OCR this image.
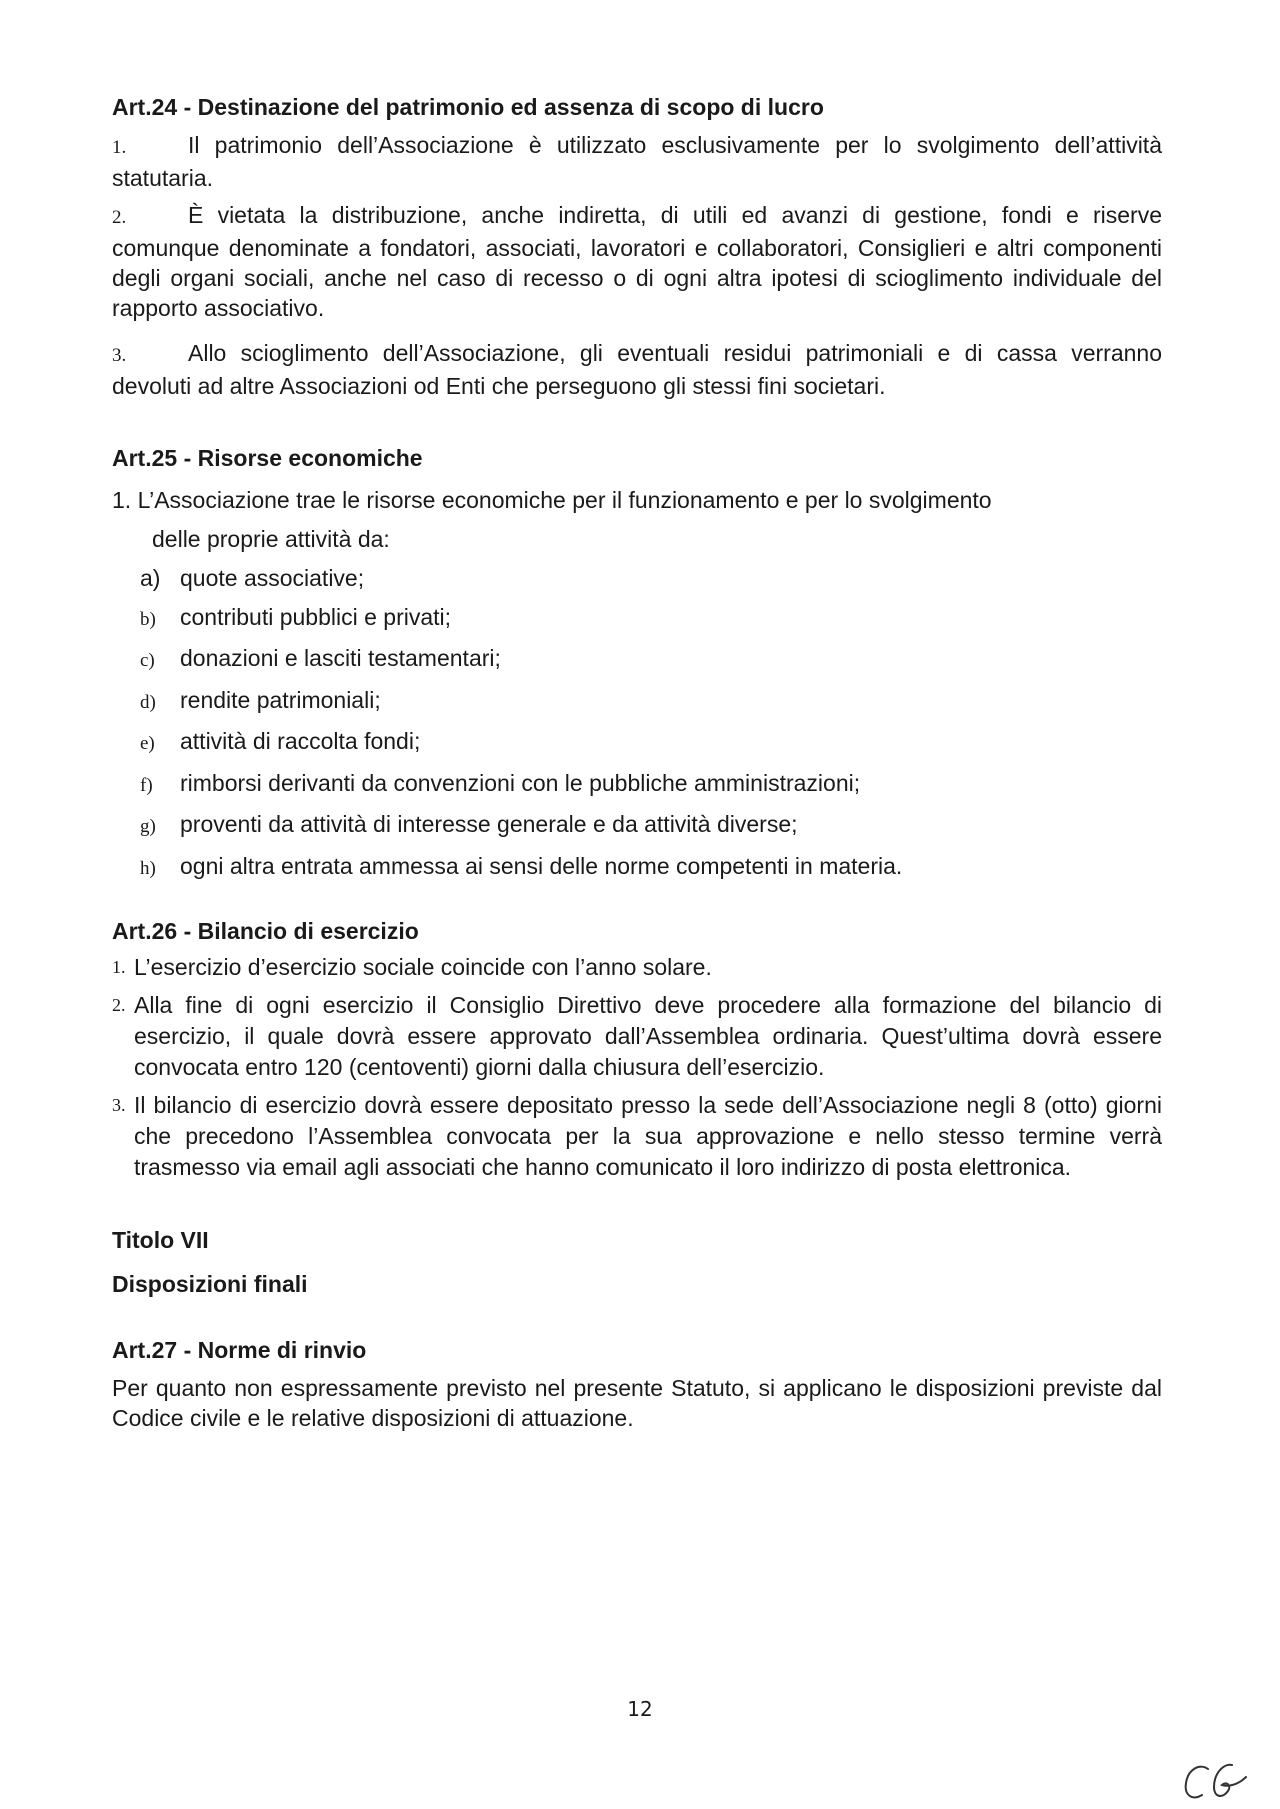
Art.24 - Destinazione del patrimonio ed assenza di scopo di lucro

1.	Il patrimonio dell’Associazione è utilizzato esclusivamente per lo svolgimento dell’attività statutaria.

2.	È vietata la distribuzione, anche indiretta, di utili ed avanzi di gestione, fondi e riserve comunque denominate a fondatori, associati, lavoratori e collaboratori, Consiglieri e altri componenti degli organi sociali, anche nel caso di recesso o di ogni altra ipotesi di scioglimento individuale del rapporto associativo.

3.	Allo scioglimento dell’Associazione, gli eventuali residui patrimoniali e di cassa verranno devoluti ad altre Associazioni od Enti che perseguono gli stessi fini societari.

Art.25 - Risorse economiche
1. L’Associazione trae le risorse economiche per il funzionamento e per lo svolgimento
delle proprie attività da:
a) quote associative;
b) contributi pubblici e privati;
c) donazioni e lasciti testamentari;
d) rendite patrimoniali;
e) attività di raccolta fondi;
f) rimborsi derivanti da convenzioni con le pubbliche amministrazioni;
g) proventi da attività di interesse generale e da attività diverse;
h) ogni altra entrata ammessa ai sensi delle norme competenti in materia.
Art.26 - Bilancio di esercizio
1. L’esercizio d’esercizio sociale coincide con l’anno solare.
2. Alla fine di ogni esercizio il Consiglio Direttivo deve procedere alla formazione del bilancio di esercizio, il quale dovrà essere approvato dall’Assemblea ordinaria. Quest’ultima dovrà essere convocata entro 120 (centoventi) giorni dalla chiusura dell’esercizio.
3. Il bilancio di esercizio dovrà essere depositato presso la sede dell’Associazione negli 8 (otto) giorni che precedono l’Assemblea convocata per la sua approvazione e nello stesso termine verrà trasmesso via email agli associati che hanno comunicato il loro indirizzo di posta elettronica.
Titolo VII
Disposizioni finali
Art.27 - Norme di rinvio

Per quanto non espressamente previsto nel presente Statuto, si applicano le disposizioni previste dal Codice civile e le relative disposizioni di attuazione.

12
